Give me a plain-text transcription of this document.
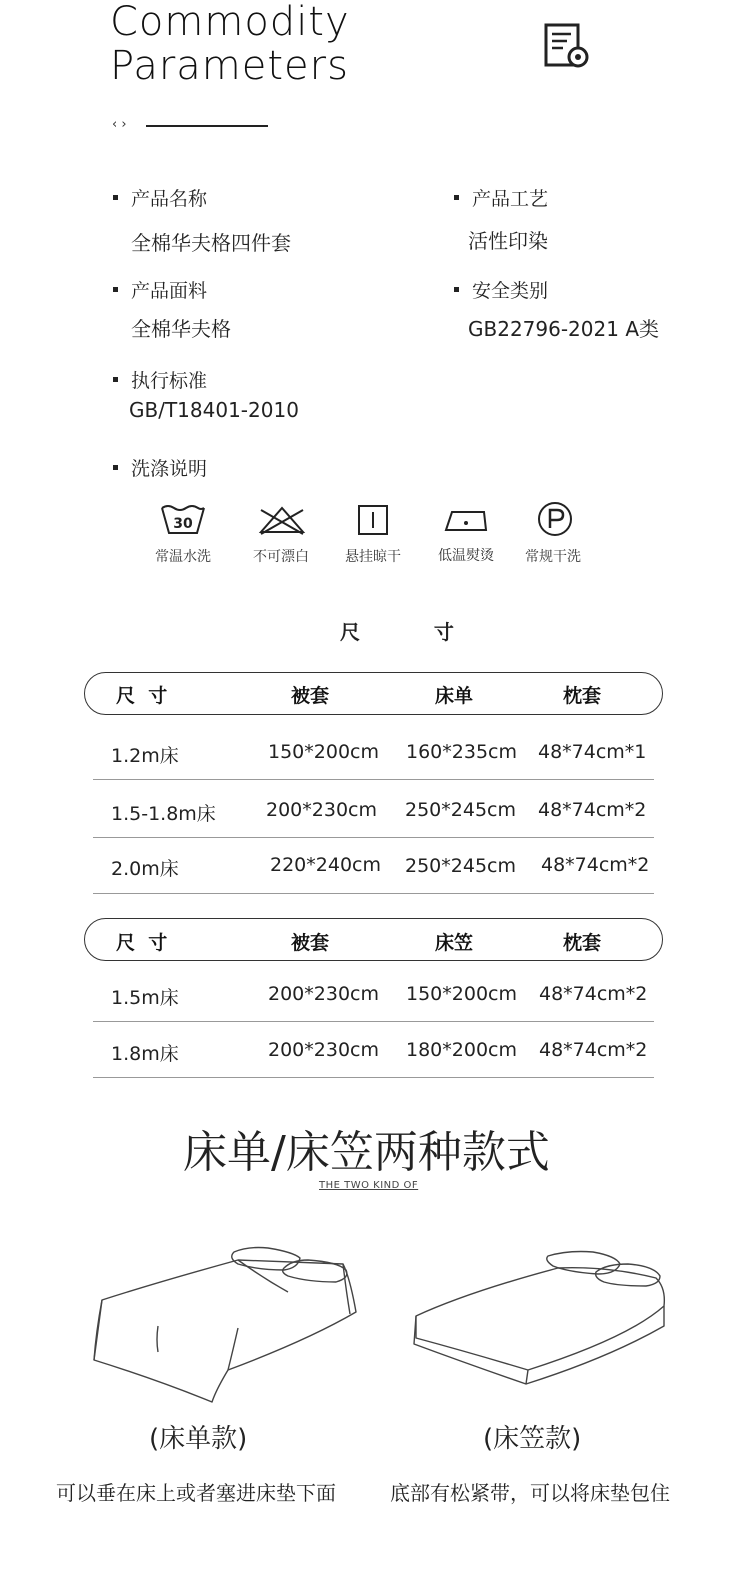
Commodity
Parameters
‹ ›
产品名称
全棉华夫格四件套
产品工艺
活性印染
产品面料
全棉华夫格
安全类别
GB22796-2021 A类
执行标准
GB/T18401-2010
洗涤说明
30
常温水洗	不可漂白	悬挂晾干	低温熨烫	常规干洗
尺  寸
尺  寸	被套	床单	枕套
1.2m床	150*200cm 160*235cm 48*74cm*1
1.5-1.8m床	200*230cm 250*245cm 48*74cm*2
2.0m床	220*240cm 250*245cm 48*74cm*2
尺  寸	被套	床笠	枕套
1.5m床	200*230cm 150*200cm 48*74cm*2
1.8m床	200*230cm 180*200cm 48*74cm*2
床单/床笠两种款式
THE TWO KIND OF
(床单款)	(床笠款)
可以垂在床上或者塞进床垫下面	底部有松紧带，可以将床垫包住
